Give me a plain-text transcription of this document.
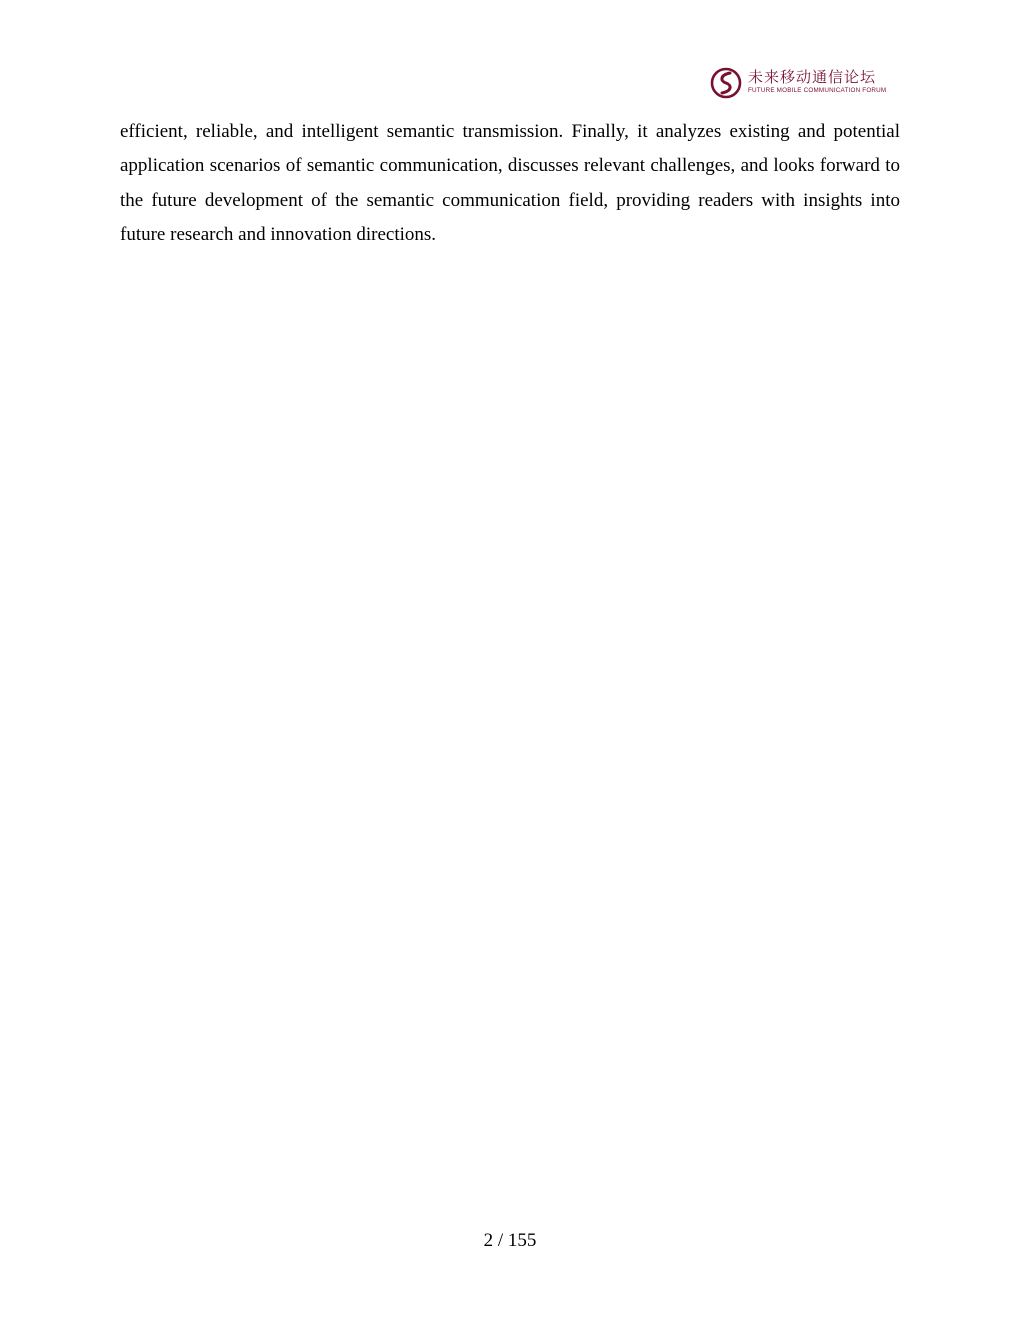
未来移动通信论坛
FUTURE MOBILE COMMUNICATION FORUM

efficient, reliable, and intelligent semantic transmission. Finally, it analyzes existing and potential application scenarios of semantic communication, discusses relevant challenges, and looks forward to the future development of the semantic communication field, providing readers with insights into future research and innovation directions.

2 / 155
